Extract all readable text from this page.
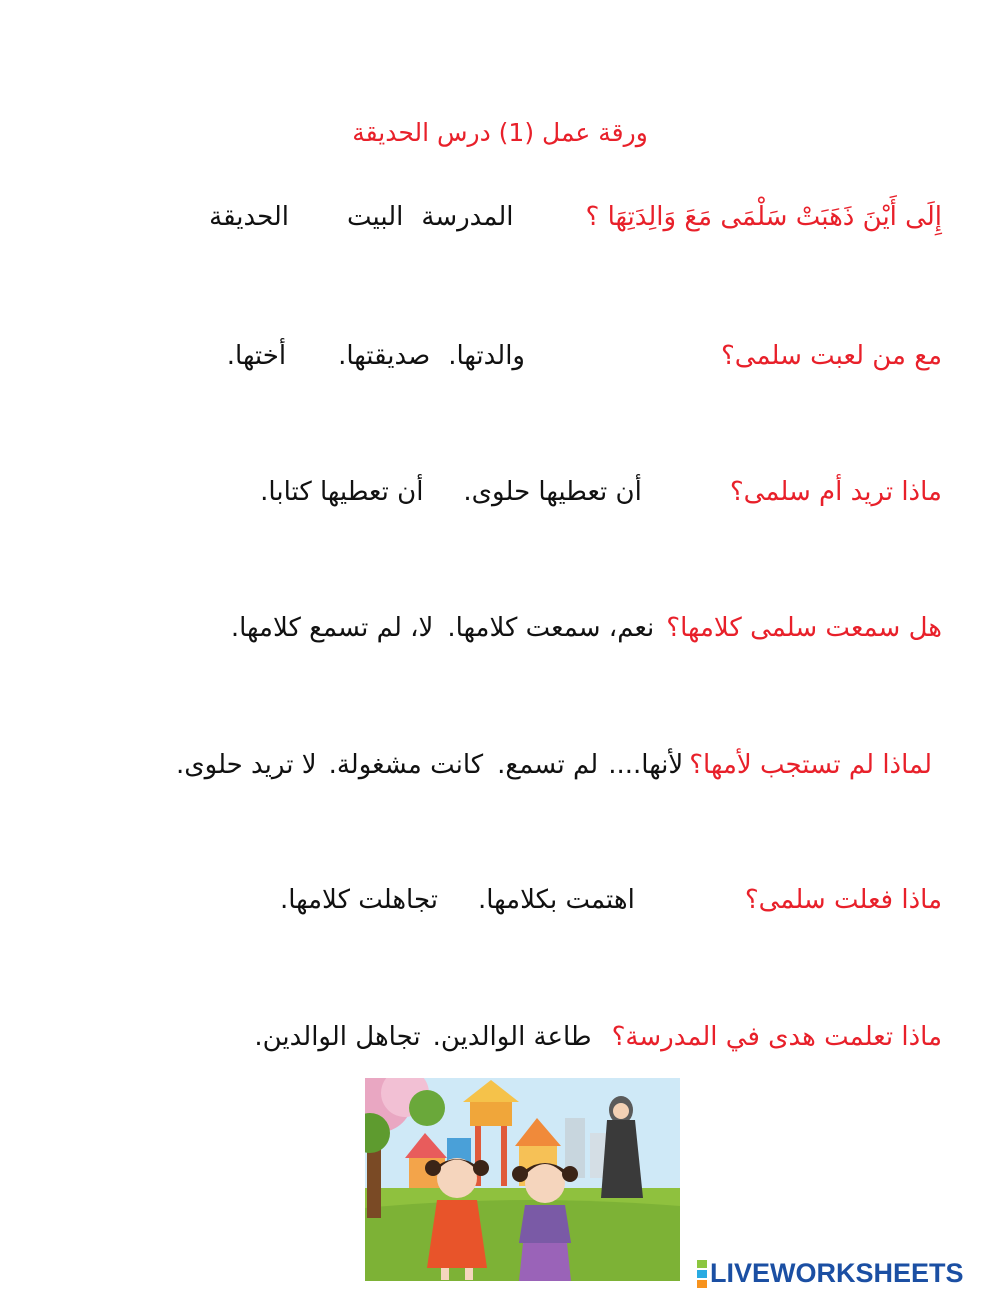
ورقة عمل (1) درس الحديقة
إِلَى أَيْنَ ذَهَبَتْ سَلْمَى مَعَ وَالِدَتِهَا ؟
المدرسة
البيت
الحديقة
مع من لعبت سلمى؟
والدتها.
صديقتها.
أختها.
ماذا تريد أم سلمى؟
أن تعطيها حلوى.
أن تعطيها كتابا.
هل سمعت سلمى كلامها؟
نعم، سمعت كلامها.
لا، لم تسمع كلامها.
لماذا لم تستجب لأمها؟
لأنها....
لم تسمع.
كانت مشغولة.
لا تريد حلوى.
ماذا فعلت سلمى؟
اهتمت بكلامها.
تجاهلت كلامها.
ماذا تعلمت هدى في المدرسة؟
طاعة الوالدين.
تجاهل الوالدين.
LIVEWORKSHEETS
